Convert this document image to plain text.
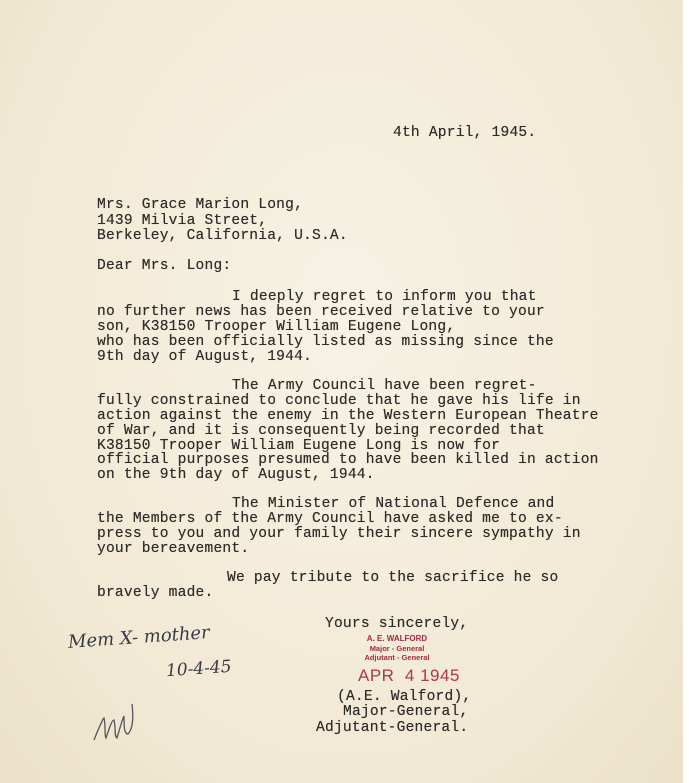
4th April, 1945.
Mrs. Grace Marion Long,
1439 Milvia Street,
Berkeley, California, U.S.A.
Dear Mrs. Long:
I deeply regret to inform you that
no further news has been received relative to your
son, K38150 Trooper William Eugene Long,
who has been officially listed as missing since the
9th day of August, 1944.
The Army Council have been regret-
fully constrained to conclude that he gave his life in
action against the enemy in the Western European Theatre
of War, and it is consequently being recorded that
K38150 Trooper William Eugene Long is now for
official purposes presumed to have been killed in action
on the 9th day of August, 1944.
The Minister of National Defence and
the Members of the Army Council have asked me to ex-
press to you and your family their sincere sympathy in
your bereavement.
We pay tribute to the sacrifice he so
bravely made.
Yours sincerely,
A. E. WALFORD
Major - General
Adjutant - General
APR  4 1945
(A.E. Walford),
Major-General,
Adjutant-General.
Mem X- mother
10-4-45
